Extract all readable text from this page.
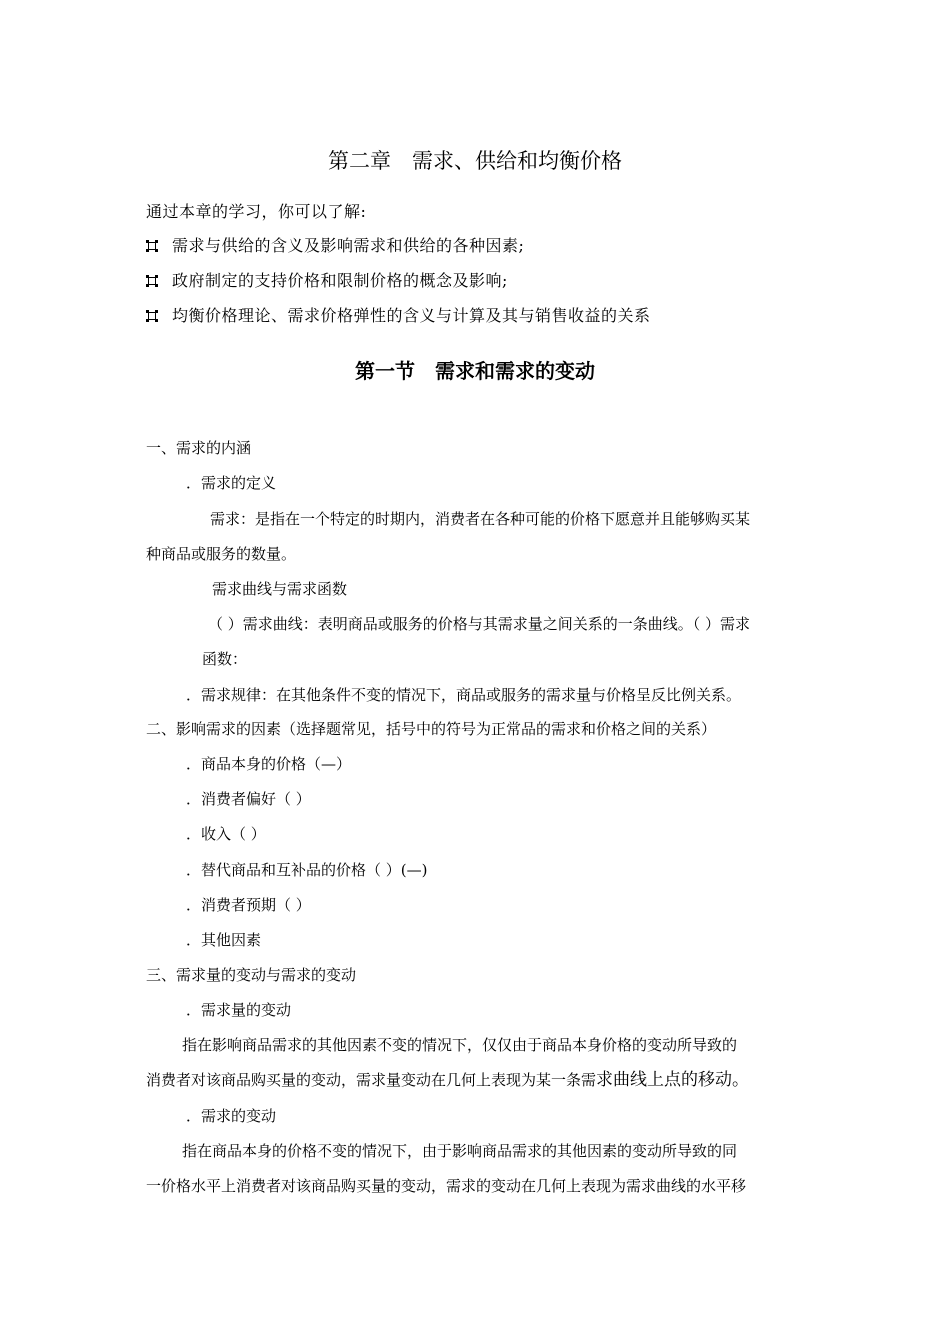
第二章　需求、供给和均衡价格
通过本章的学习，你可以了解:
需求与供给的含义及影响需求和供给的各种因素;
政府制定的支持价格和限制价格的概念及影响;
均衡价格理论、需求价格弹性的含义与计算及其与销售收益的关系
第一节　需求和需求的变动
一、需求的内涵
．需求的定义
需求：是指在一个特定的时期内，消费者在各种可能的价格下愿意并且能够购买某
种商品或服务的数量。
需求曲线与需求函数
（ ）需求曲线：表明商品或服务的价格与其需求量之间关系的一条曲线。（ ）需求
函数：
．需求规律：在其他条件不变的情况下，商品或服务的需求量与价格呈反比例关系。
二、影响需求的因素（选择题常见，括号中的符号为正常品的需求和价格之间的关系）
．商品本身的价格（—）
．消费者偏好（ ）
．收入（ ）
．替代商品和互补品的价格（ ）(—)
．消费者预期（ ）
．其他因素
三、需求量的变动与需求的变动
．需求量的变动
指在影响商品需求的其他因素不变的情况下，仅仅由于商品本身价格的变动所导致的
消费者对该商品购买量的变动，需求量变动在几何上表现为某一条需求曲线上点的移动。
．需求的变动
指在商品本身的价格不变的情况下，由于影响商品需求的其他因素的变动所导致的同
一价格水平上消费者对该商品购买量的变动，需求的变动在几何上表现为需求曲线的水平移
